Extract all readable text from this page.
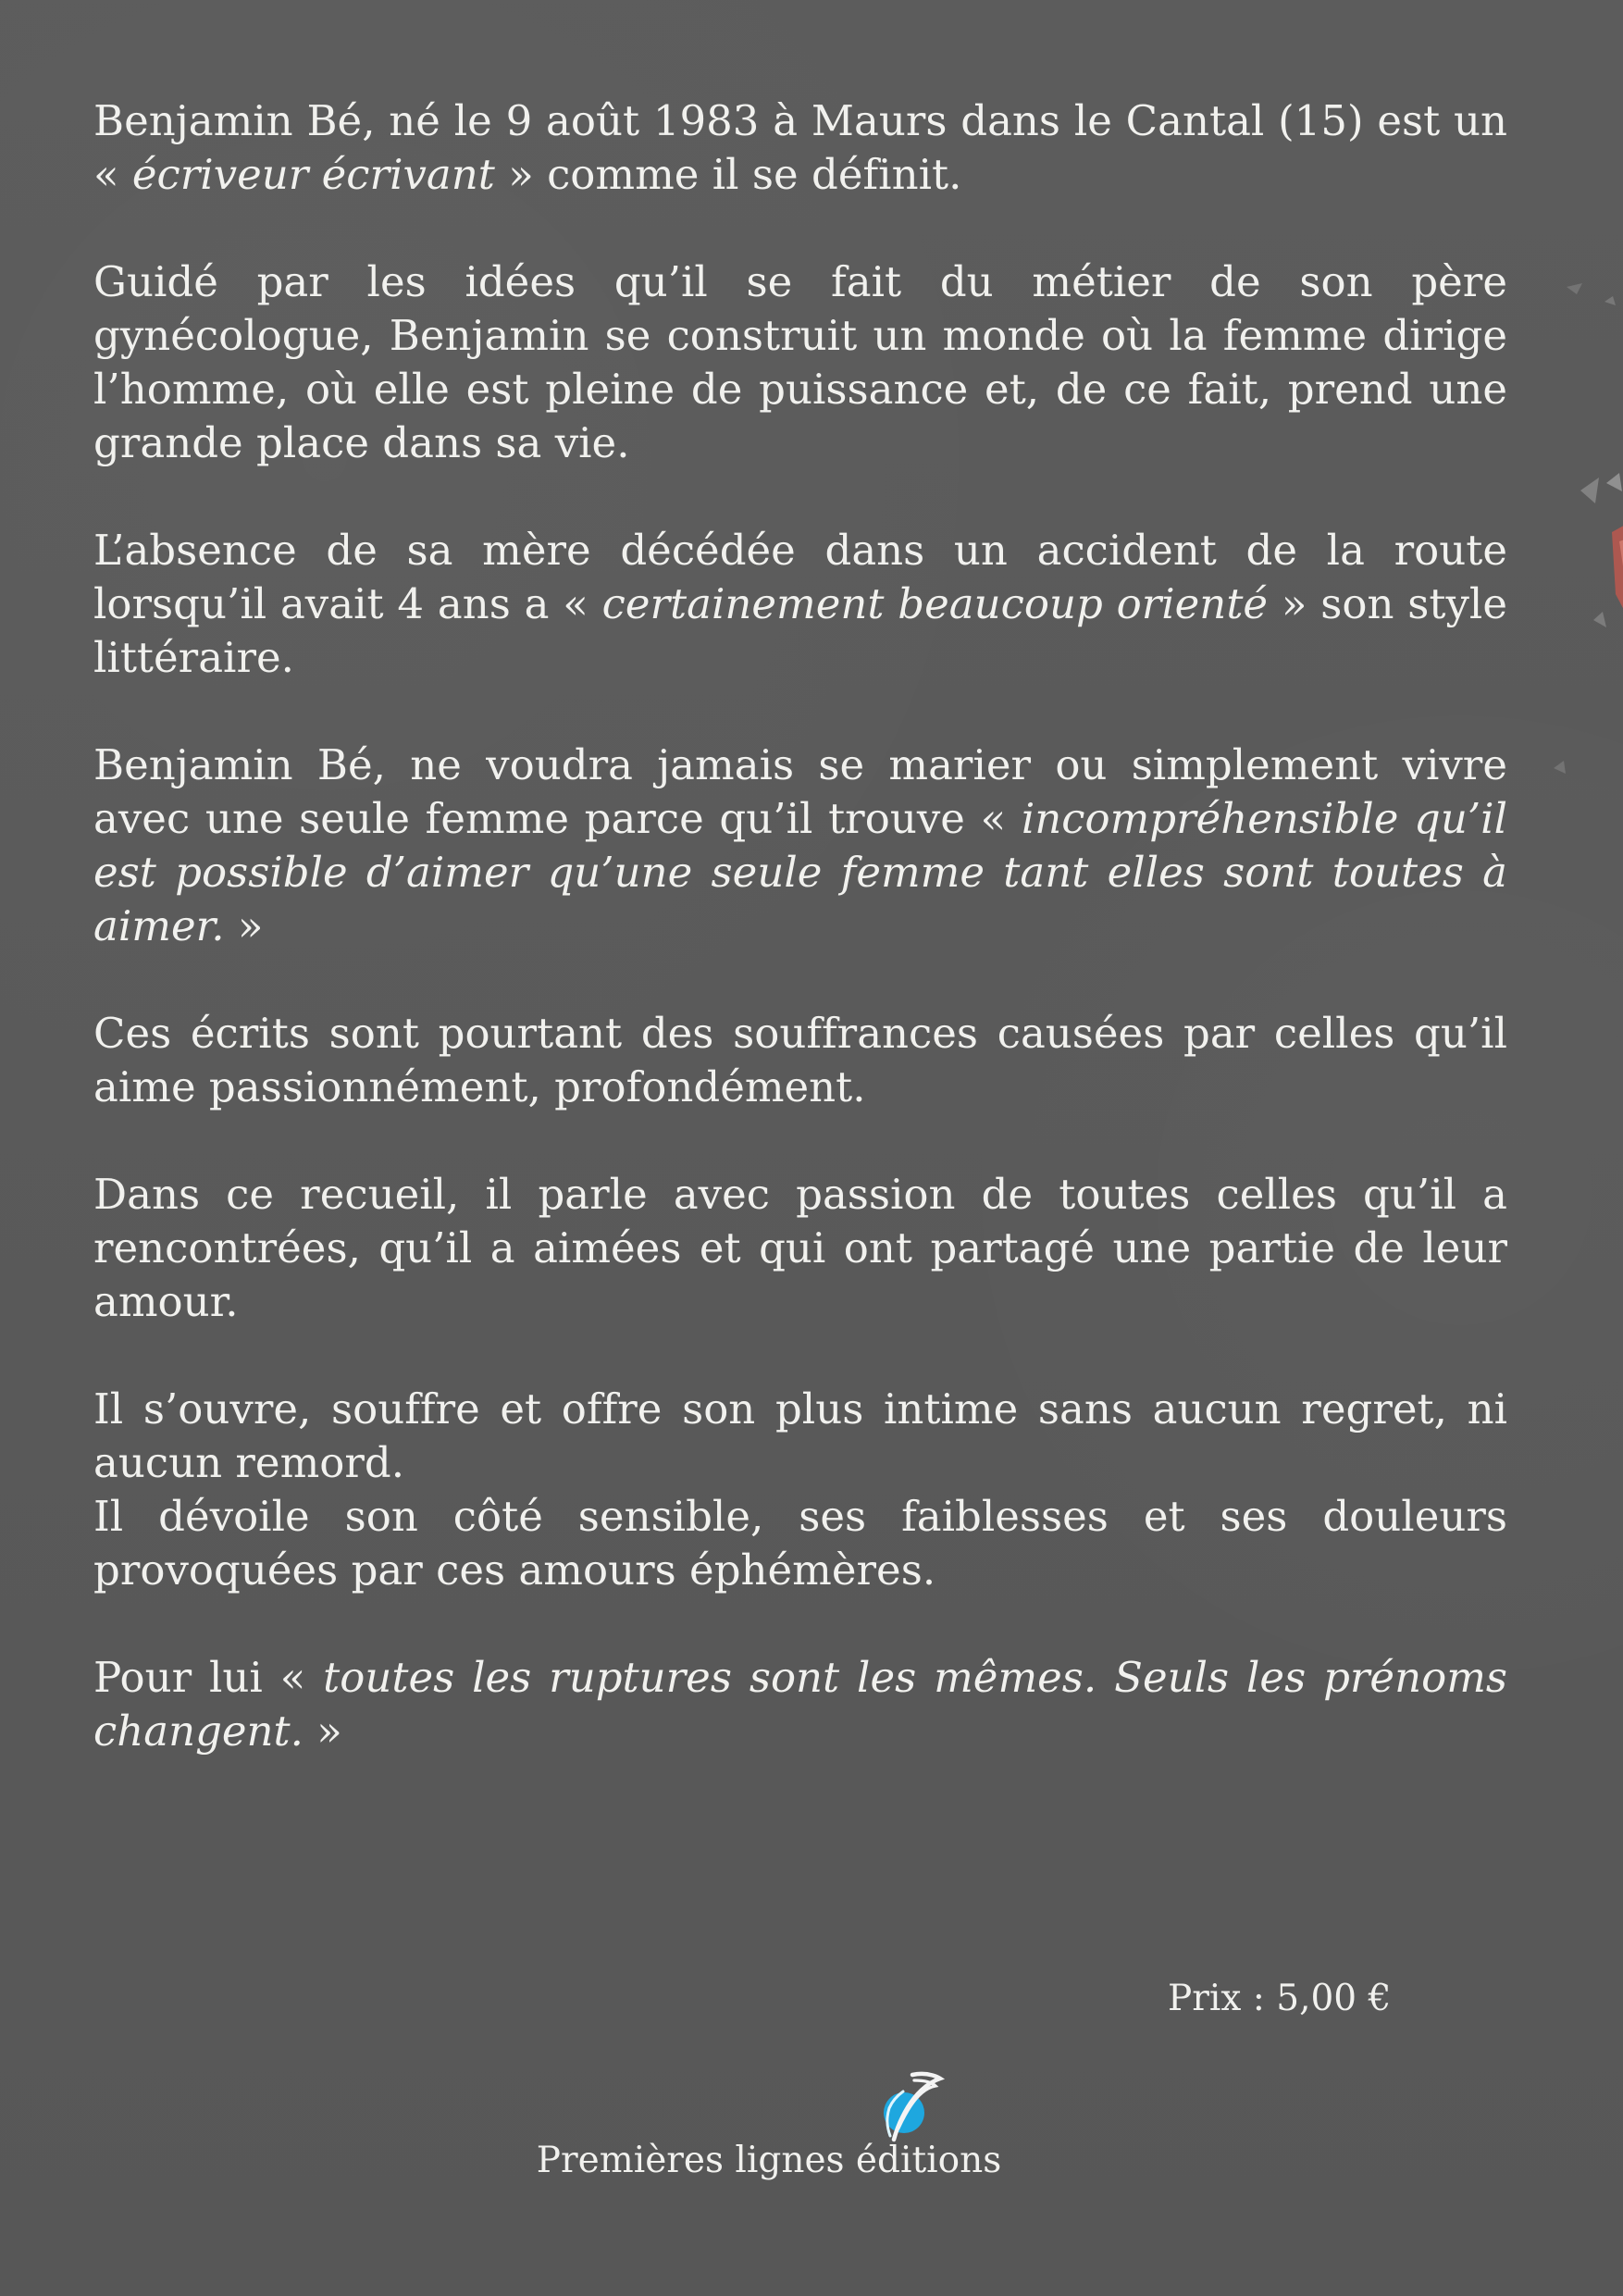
Benjamin Bé, né le 9 août 1983 à Maurs dans le Cantal (15) est un « écriveur écrivant » comme il se définit.

Guidé par les idées qu’il se fait du métier de son père gynécologue, Benjamin se construit un monde où la femme dirige l’homme, où elle est pleine de puissance et, de ce fait, prend une grande place dans sa vie.

L’absence de sa mère décédée dans un accident de la route lorsqu’il avait 4 ans a « certainement beaucoup orienté » son style littéraire.

Benjamin Bé, ne voudra jamais se marier ou simplement vivre avec une seule femme parce qu’il trouve « incompréhensible qu’il est possible d’aimer qu’une seule femme tant elles sont toutes à aimer. »

Ces écrits sont pourtant des souffrances causées par celles qu’il aime passionnément, profondément.

Dans ce recueil, il parle avec passion de toutes celles qu’il a rencontrées, qu’il a aimées et qui ont partagé une partie de leur amour.

Il s’ouvre, souffre et offre son plus intime sans aucun regret, ni aucun remord.

Il dévoile son côté sensible, ses faiblesses et ses douleurs provoquées par ces amours éphémères.

Pour lui « toutes les ruptures sont les mêmes. Seuls les prénoms changent. »

Prix : 5,00 €
Premières lignes éditions
